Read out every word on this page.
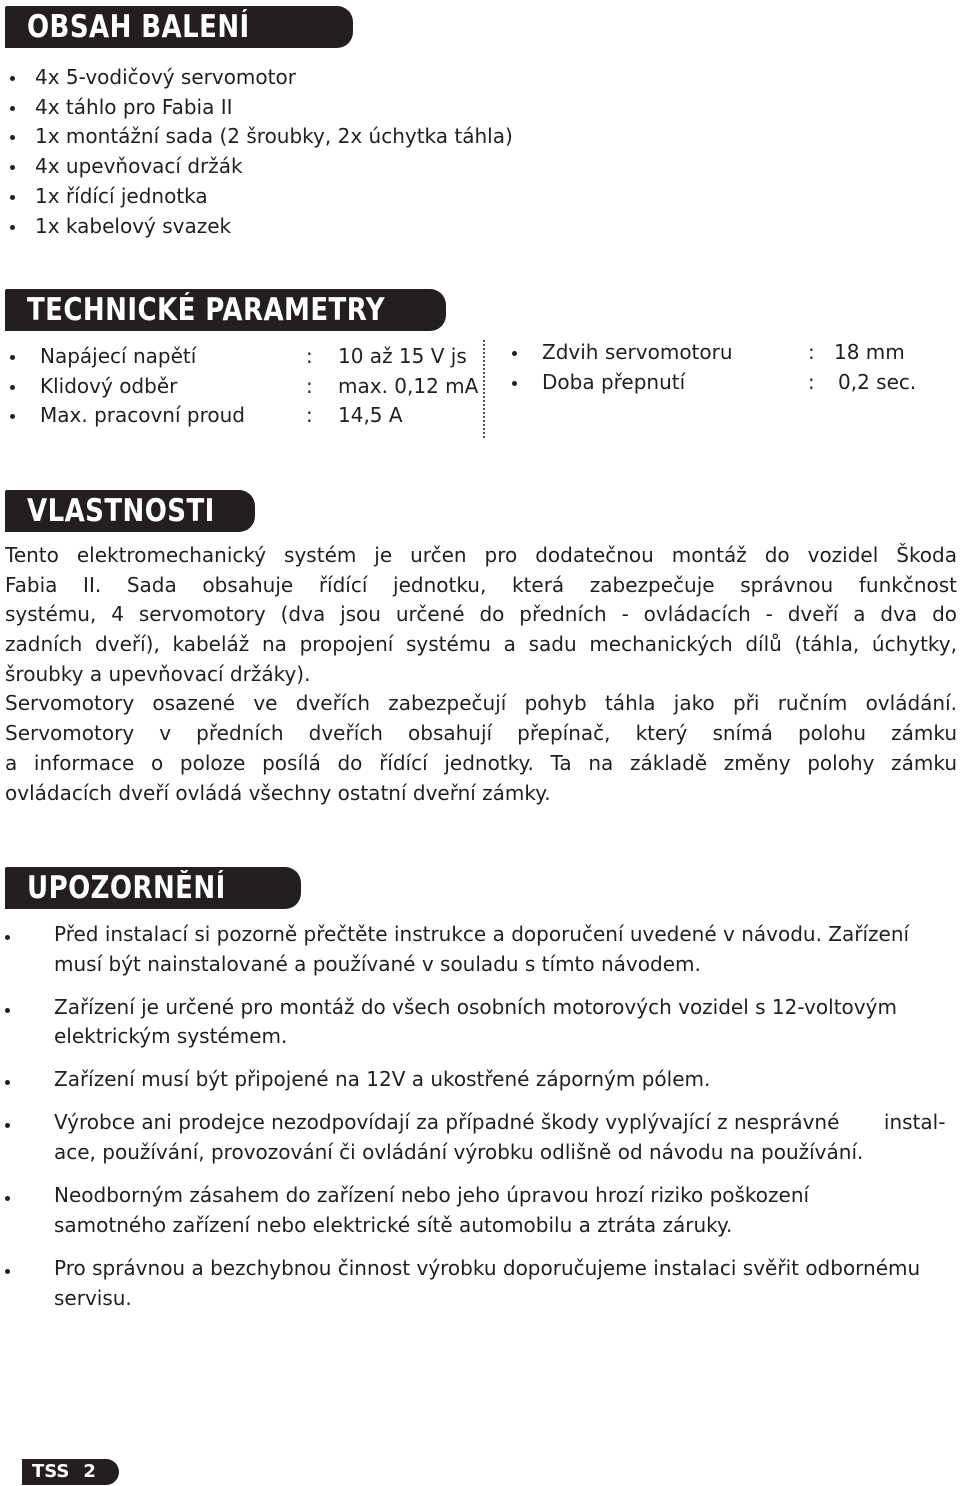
OBSAH BALENÍ
4x 5-vodičový servomotor
4x táhlo pro Fabia II
1x montážní sada (2 šroubky, 2x úchytka táhla)
4x upevňovací držák
1x řídící jednotka
1x kabelový svazek
TECHNICKÉ PARAMETRY
Napájecí napětí	: 10 až 15 V js
Klidový odběr	: max. 0,12 mA
Max. pracovní proud	: 14,5 A
Zdvih servomotoru	: 18 mm
Doba přepnutí	: 0,2 sec.
VLASTNOSTI
Tento elektromechanický systém je určen pro dodatečnou montáž do vozidel Škoda
Fabia II. Sada obsahuje řídící jednotku, která zabezpečuje správnou funkčnost
systému, 4 servomotory (dva jsou určené do předních - ovládacích - dveří a dva do
zadních dveří), kabeláž na propojení systému a sadu mechanických dílů (táhla, úchytky,
šroubky a upevňovací držáky).
Servomotory osazené ve dveřích zabezpečují pohyb táhla jako při ručním ovládání.
Servomotory v předních dveřích obsahují přepínač, který snímá polohu zámku
a informace o poloze posílá do řídící jednotky. Ta na základě změny polohy zámku
ovládacích dveří ovládá všechny ostatní dveřní zámky.
UPOZORNĚNÍ
Před instalací si pozorně přečtěte instrukce a doporučení uvedené v návodu. Zařízení
musí být nainstalované a používané v souladu s tímto návodem.
Zařízení je určené pro montáž do všech osobních motorových vozidel s 12-voltovým
elektrickým systémem.
Zařízení musí být připojené na 12V a ukostřené záporným pólem.
Výrobce ani prodejce nezodpovídají za případné škody vyplývající z nesprávné       instal-
ace, používání, provozování či ovládání výrobku odlišně od návodu na používání.
Neodborným zásahem do zařízení nebo jeho úpravou hrozí riziko poškození
samotného zařízení nebo elektrické sítě automobilu a ztráta záruky.
Pro správnou a bezchybnou činnost výrobku doporučujeme instalaci svěřit odbornému
servisu.
TSS 2
